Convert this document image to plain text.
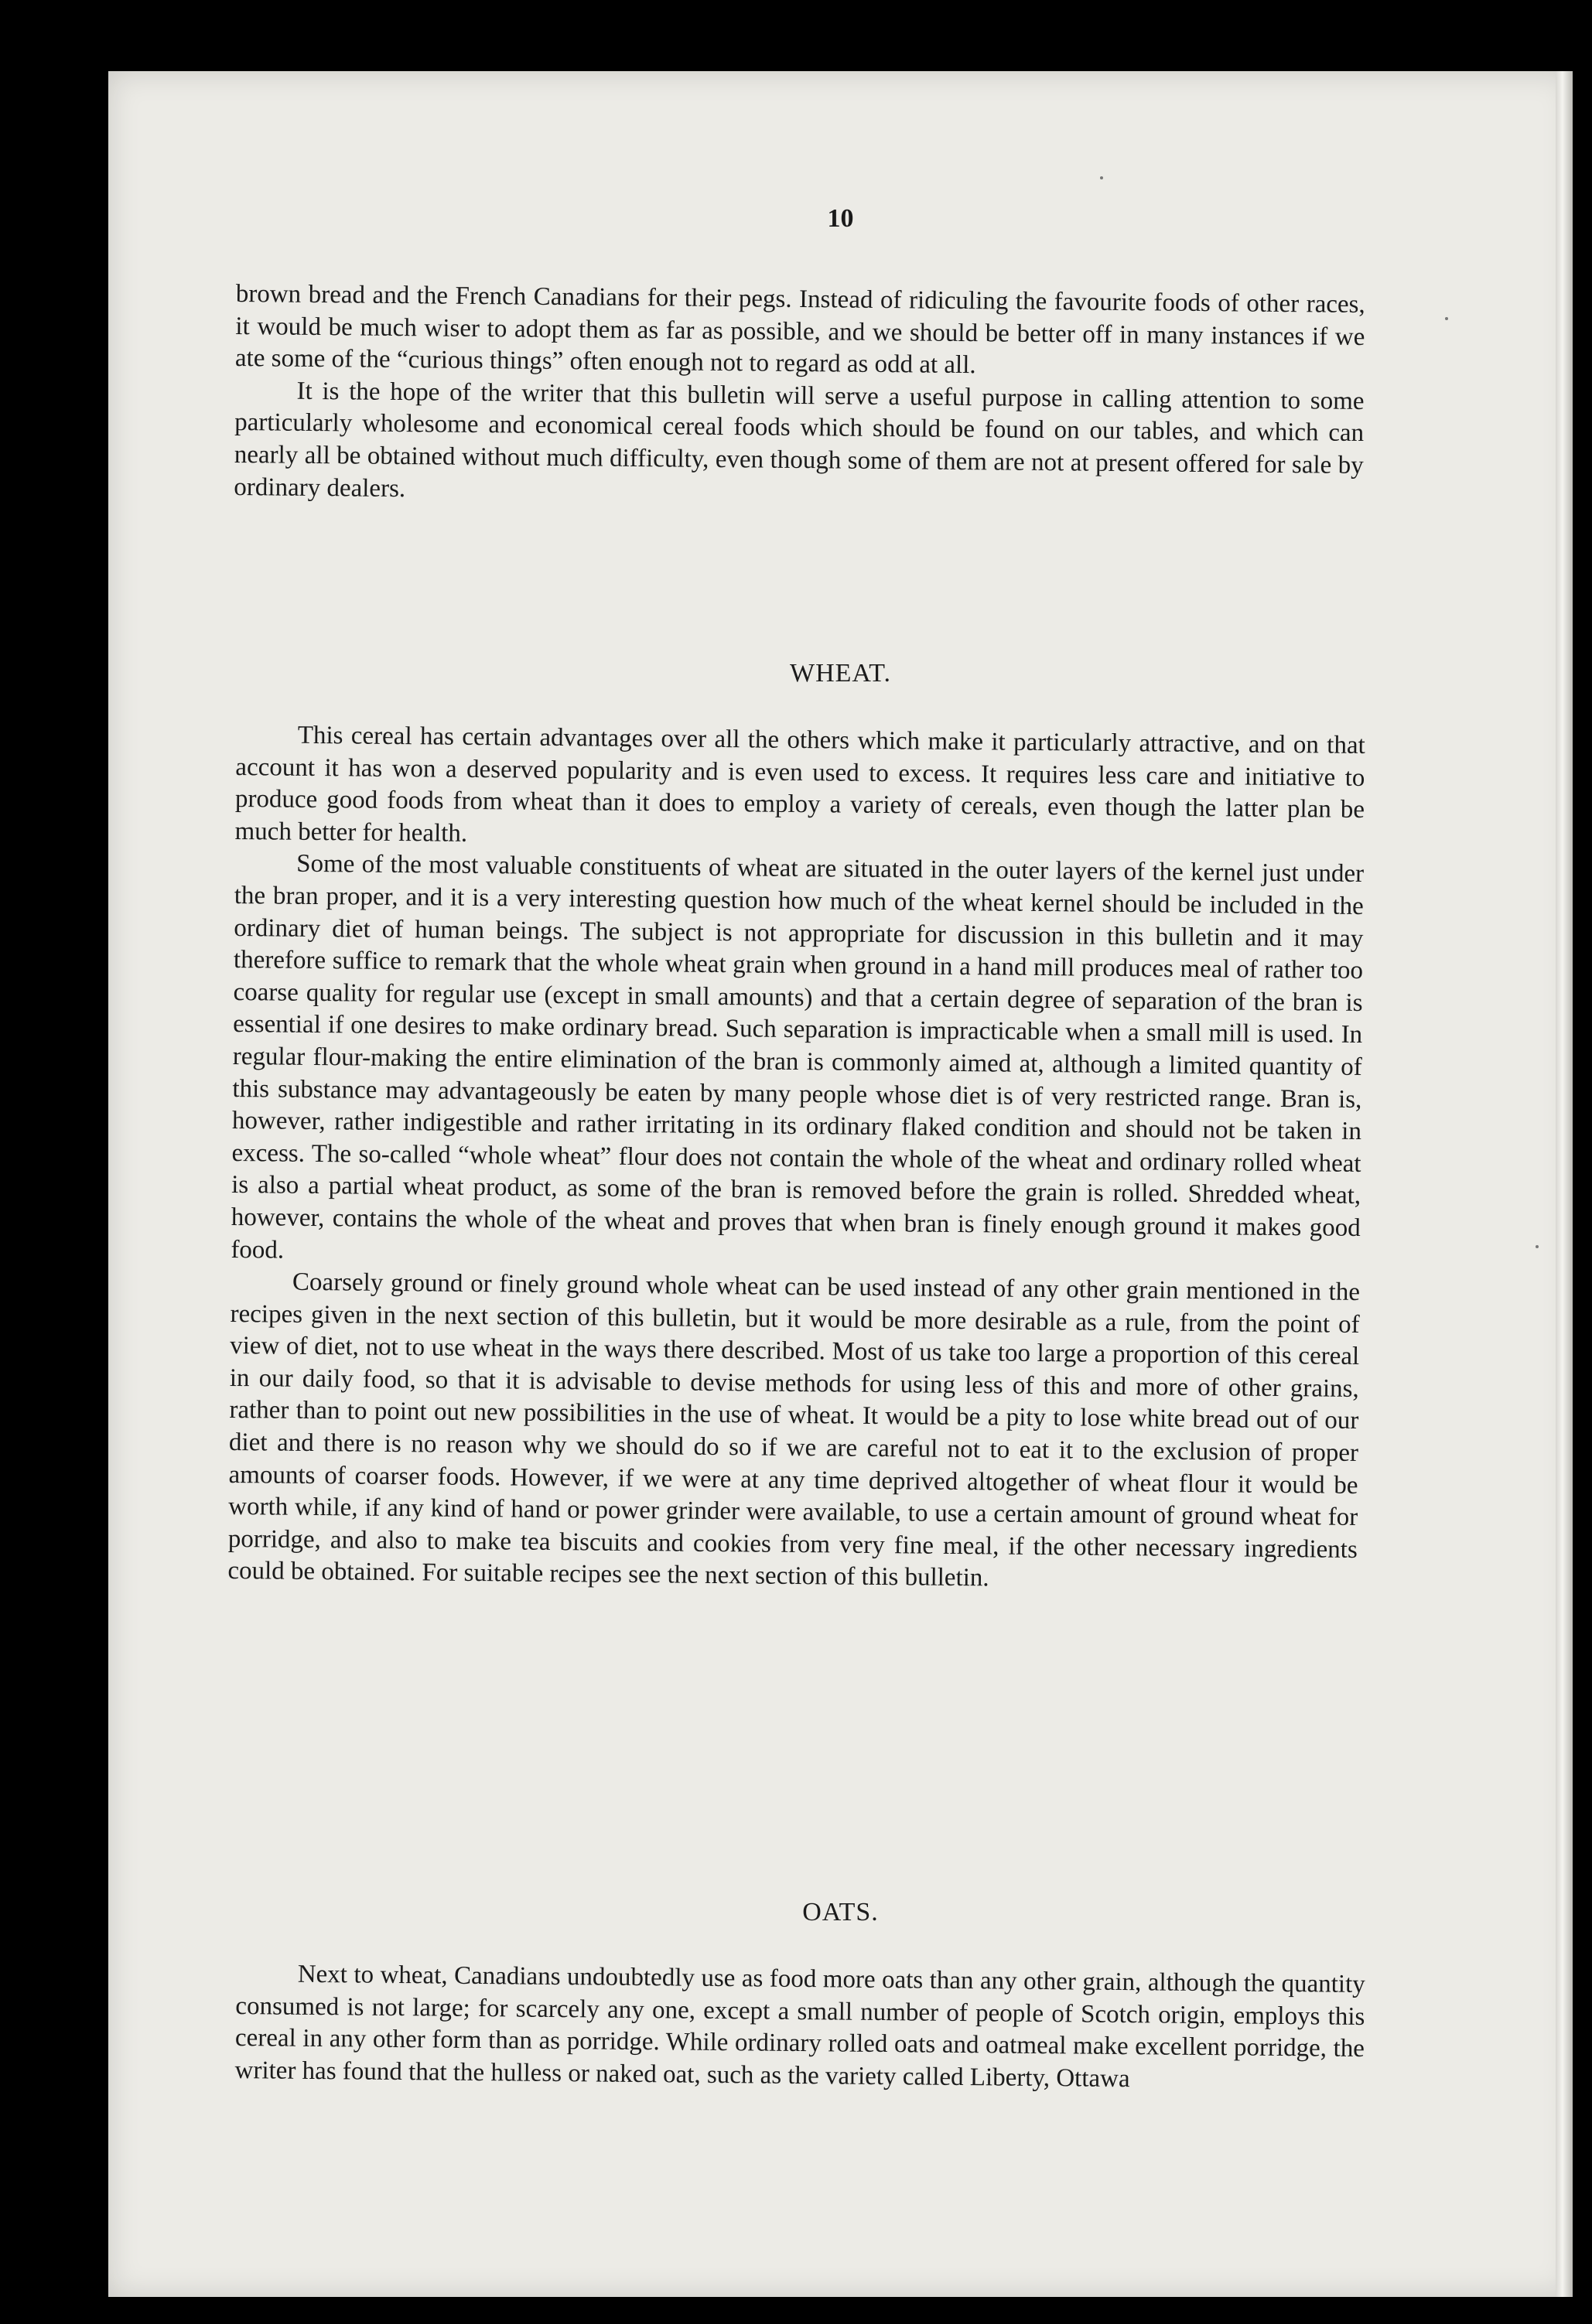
10

brown bread and the French Canadians for their pegs. Instead of ridiculing the favourite foods of other races, it would be much wiser to adopt them as far as possible, and we should be better off in many instances if we ate some of the “curious things” often enough not to regard as odd at all.

It is the hope of the writer that this bulletin will serve a useful purpose in calling attention to some particularly wholesome and economical cereal foods which should be found on our tables, and which can nearly all be obtained without much difficulty, even though some of them are not at present offered for sale by ordinary dealers.

WHEAT.

This cereal has certain advantages over all the others which make it particularly attractive, and on that account it has won a deserved popularity and is even used to excess. It requires less care and initiative to produce good foods from wheat than it does to employ a variety of cereals, even though the latter plan be much better for health.

Some of the most valuable constituents of wheat are situated in the outer layers of the kernel just under the bran proper, and it is a very interesting question how much of the wheat kernel should be included in the ordinary diet of human beings. The subject is not appropriate for discussion in this bulletin and it may therefore suffice to remark that the whole wheat grain when ground in a hand mill produces meal of rather too coarse quality for regular use (except in small amounts) and that a certain degree of separation of the bran is essential if one desires to make ordinary bread. Such separation is impracticable when a small mill is used. In regular flour-making the entire elimination of the bran is commonly aimed at, although a limited quantity of this substance may advantageously be eaten by many people whose diet is of very restricted range. Bran is, however, rather indigestible and rather irritating in its ordinary flaked condition and should not be taken in excess. The so-called “whole wheat” flour does not contain the whole of the wheat and ordinary rolled wheat is also a partial wheat product, as some of the bran is removed before the grain is rolled. Shredded wheat, however, contains the whole of the wheat and proves that when bran is finely enough ground it makes good food.

Coarsely ground or finely ground whole wheat can be used instead of any other grain mentioned in the recipes given in the next section of this bulletin, but it would be more desirable as a rule, from the point of view of diet, not to use wheat in the ways there described. Most of us take too large a proportion of this cereal in our daily food, so that it is advisable to devise methods for using less of this and more of other grains, rather than to point out new possibilities in the use of wheat. It would be a pity to lose white bread out of our diet and there is no reason why we should do so if we are careful not to eat it to the exclusion of proper amounts of coarser foods. However, if we were at any time deprived altogether of wheat flour it would be worth while, if any kind of hand or power grinder were available, to use a certain amount of ground wheat for porridge, and also to make tea biscuits and cookies from very fine meal, if the other necessary ingredients could be obtained. For suitable recipes see the next section of this bulletin.

OATS.

Next to wheat, Canadians undoubtedly use as food more oats than any other grain, although the quantity consumed is not large; for scarcely any one, except a small number of people of Scotch origin, employs this cereal in any other form than as porridge. While ordinary rolled oats and oatmeal make excellent porridge, the writer has found that the hulless or naked oat, such as the variety called Liberty, Ottawa
